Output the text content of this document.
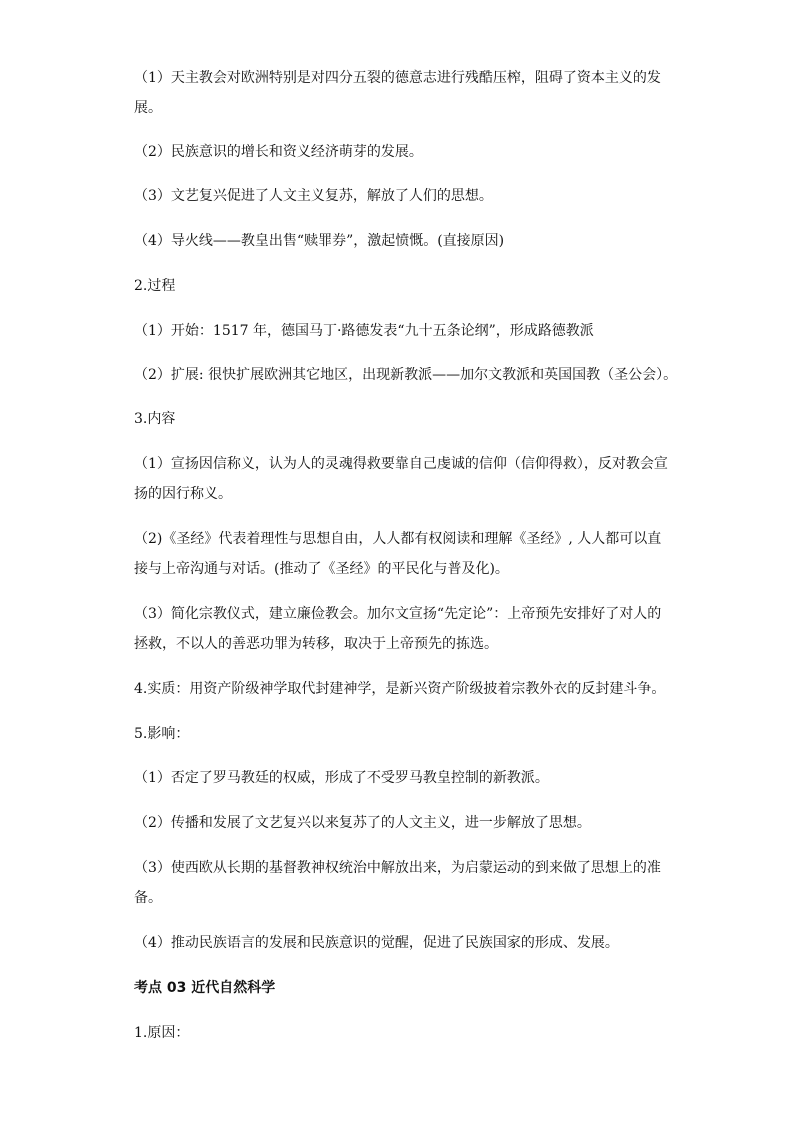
（1）天主教会对欧洲特别是对四分五裂的德意志进行残酷压榨，阻碍了资本主义的发
展。
（2）民族意识的增长和资义经济萌芽的发展。
（3）文艺复兴促进了人文主义复苏，解放了人们的思想。
（4）导火线——教皇出售“赎罪券”，激起愤慨。(直接原因)
2.过程
（1）开始：1517 年，德国马丁·路德发表“九十五条论纲”，形成路德教派
（2）扩展: 很快扩展欧洲其它地区，出现新教派——加尔文教派和英国国教（圣公会）。
3.内容
（1）宣扬因信称义，认为人的灵魂得救要靠自己虔诚的信仰（信仰得救），反对教会宣
扬的因行称义。
（2)《圣经》代表着理性与思想自由，人人都有权阅读和理解《圣经》, 人人都可以直
接与上帝沟通与对话。(推动了《圣经》的平民化与普及化)。
（3）简化宗教仪式，建立廉俭教会。加尔文宣扬“先定论”：上帝预先安排好了对人的
拯救，不以人的善恶功罪为转移，取决于上帝预先的拣选。
4.实质：用资产阶级神学取代封建神学，是新兴资产阶级披着宗教外衣的反封建斗争。
5.影响：
（1）否定了罗马教廷的权威，形成了不受罗马教皇控制的新教派。
（2）传播和发展了文艺复兴以来复苏了的人文主义，进一步解放了思想。
（3）使西欧从长期的基督教神权统治中解放出来，为启蒙运动的到来做了思想上的准
备。
（4）推动民族语言的发展和民族意识的觉醒，促进了民族国家的形成、发展。
考点 03 近代自然科学
1.原因：
